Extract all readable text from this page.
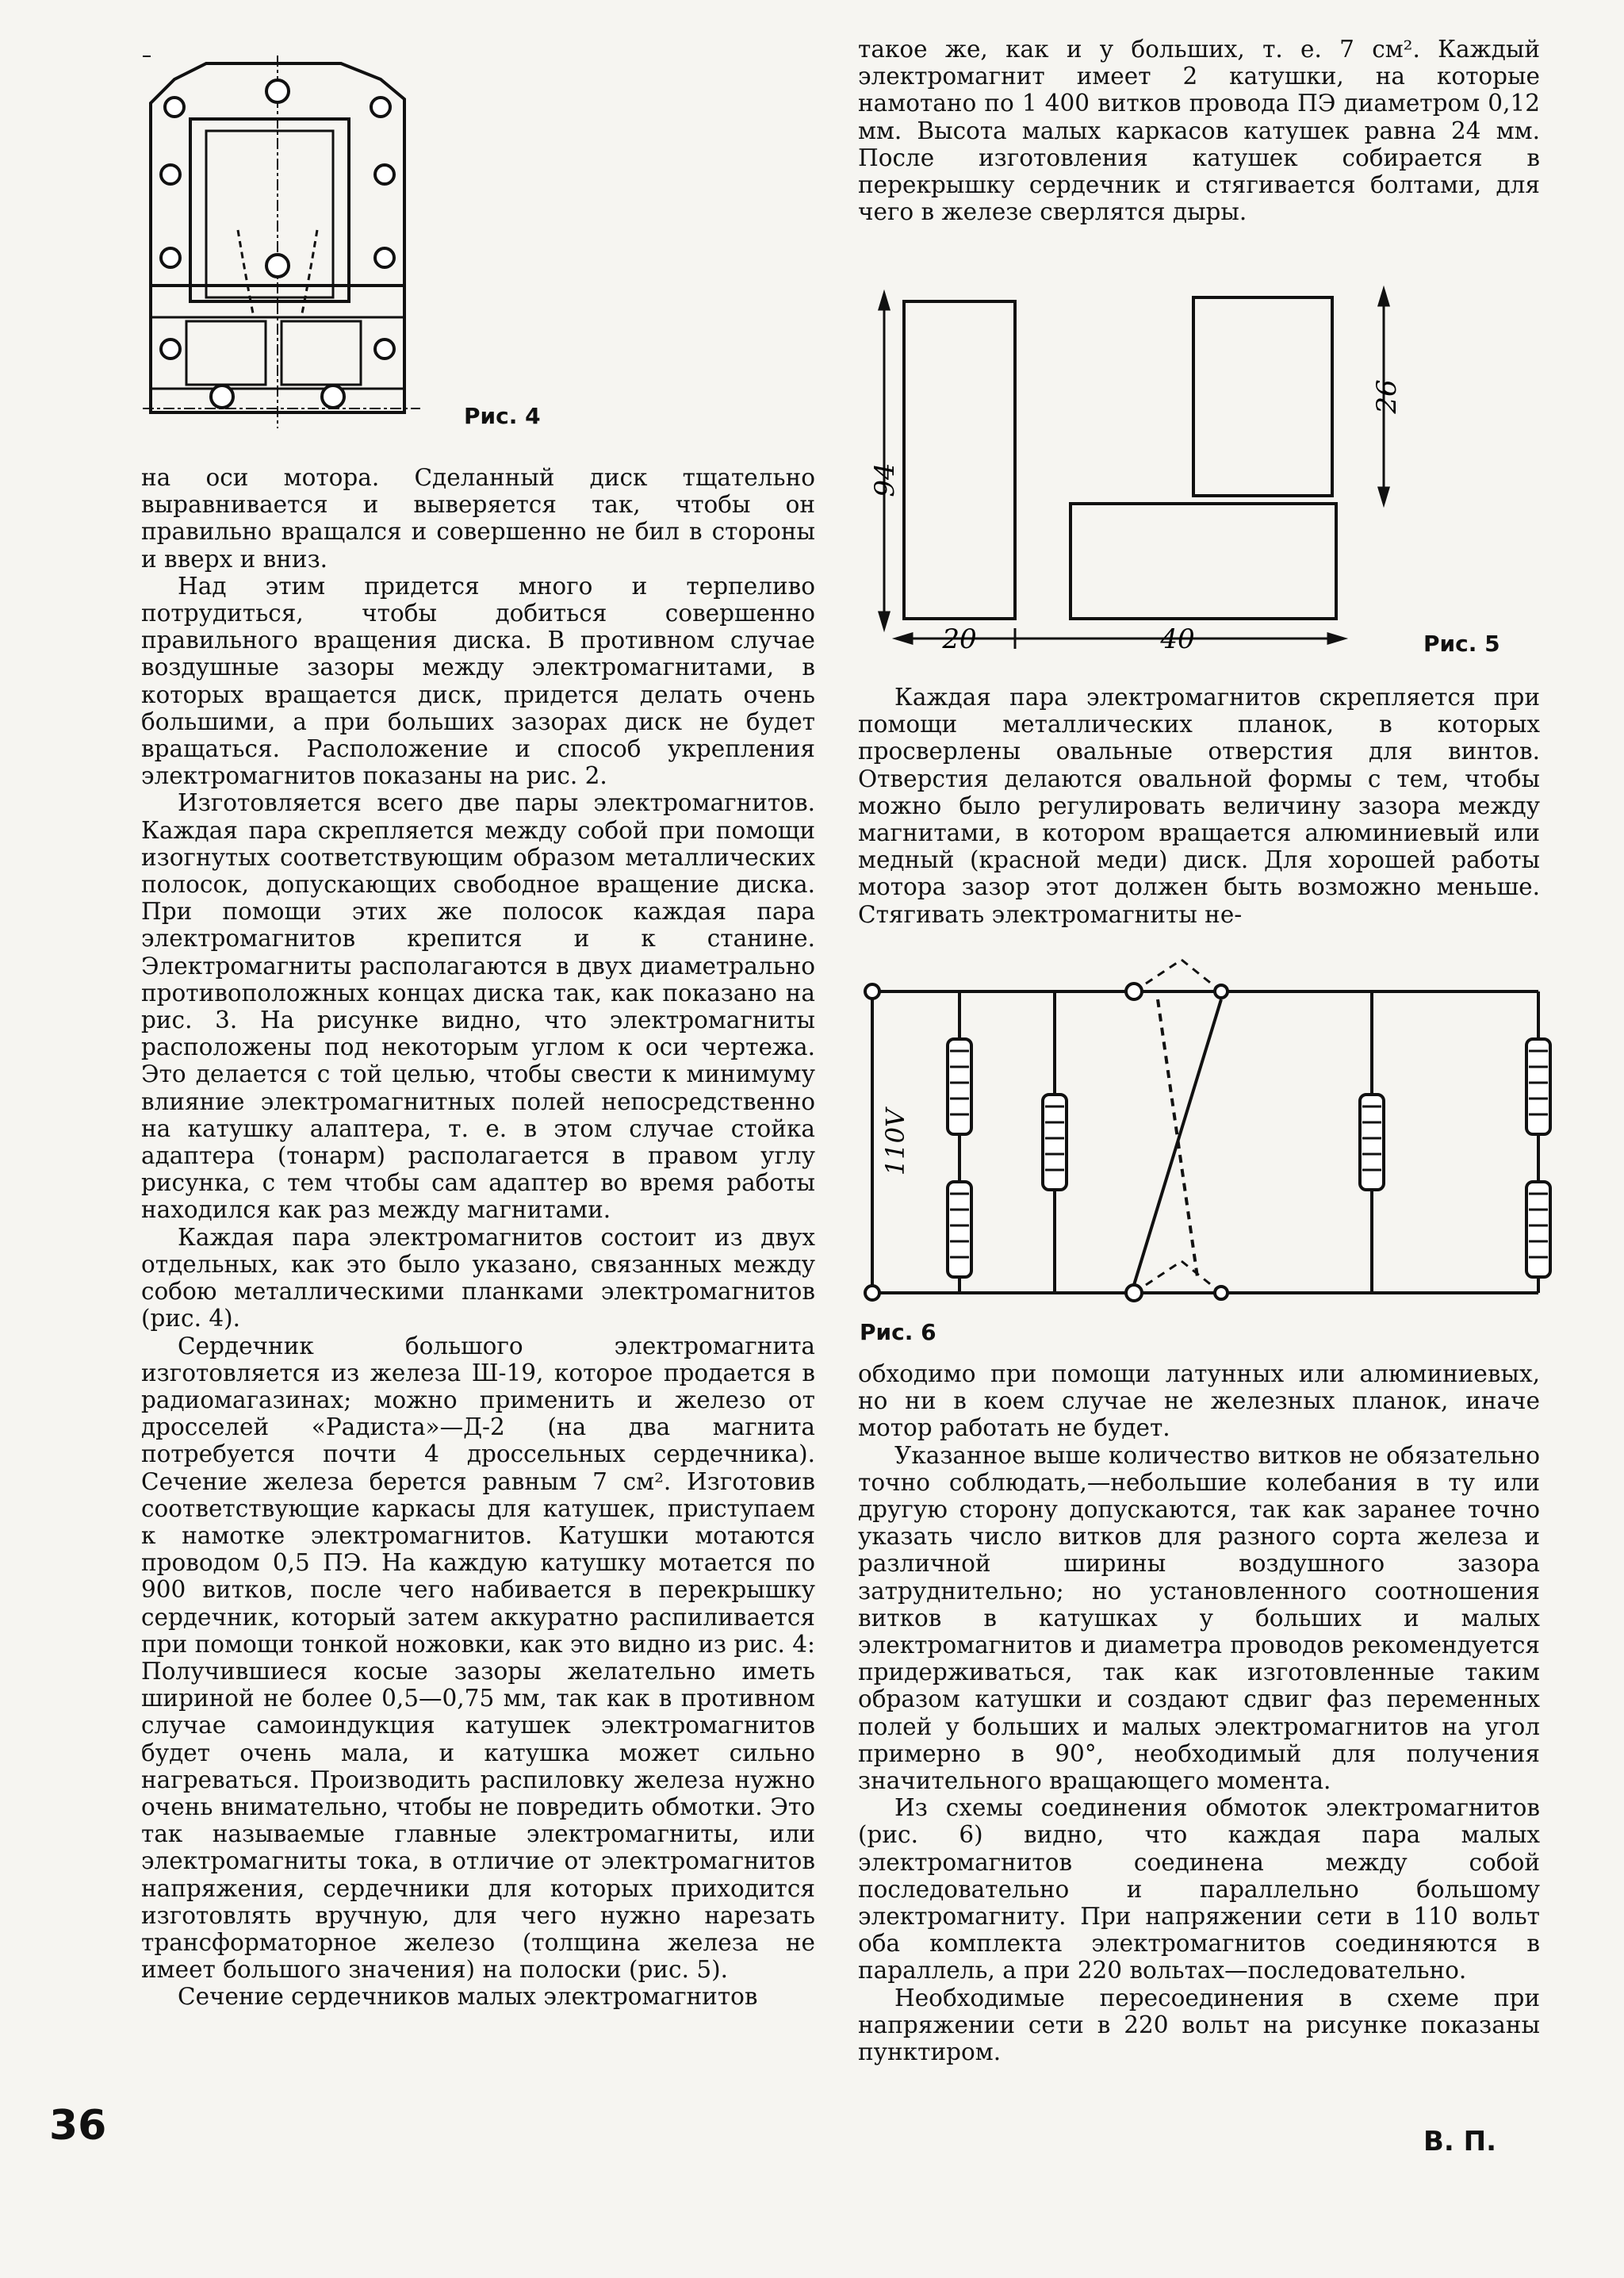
Рис. 4
94
26
20	40	Рис. 5
110V
Рис. 6

на оси мотора. Сделанный диск тщательно выравнивается и выверяется так, чтобы он правильно вращался и совершенно не бил в стороны и вверх и вниз.

Над этим придется много и терпеливо потрудиться, чтобы добиться совершенно правильного вращения диска. В противном случае воздушные зазоры между электромагнитами, в которых вращается диск, придется делать очень большими, а при больших зазорах диск не будет вращаться. Расположение и способ укрепления электромагнитов показаны на рис. 2.

Изготовляется всего две пары электромагнитов. Каждая пара скрепляется между собой при помощи изогнутых соответствующим образом металлических полосок, допускающих свободное вращение диска. При помощи этих же полосок каждая пара электромагнитов крепится и к станине. Электромагниты располагаются в двух диаметрально противоположных концах диска так, как показано на рис. 3. На рисунке видно, что электромагниты расположены под некоторым углом к оси чертежа. Это делается с той целью, чтобы свести к минимуму влияние электромагнитных полей непосредственно на катушку алаптера, т. е. в этом случае стойка адаптера (тонарм) располагается в правом углу рисунка, с тем чтобы сам адаптер во время работы находился как раз между магнитами.

Каждая пара электромагнитов состоит из двух отдельных, как это было указано, связанных между собою металлическими планками электромагнитов (рис. 4).

Сердечник большого электромагнита изготовляется из железа Ш-19, которое продается в радиомагазинах; можно применить и железо от дросселей «Радиста»—Д-2 (на два магнита потребуется почти 4 дроссельных сердечника). Сечение железа берется равным 7 см². Изготовив соответствующие каркасы для катушек, приступаем к намотке электромагнитов. Катушки мотаются проводом 0,5 ПЭ. На каждую катушку мотается по 900 витков, после чего набивается в перекрышку сердечник, который затем аккуратно распиливается при помощи тонкой ножовки, как это видно из рис. 4: Получившиеся косые зазоры желательно иметь шириной не более 0,5—0,75 мм, так как в противном случае самоиндукция катушек электромагнитов будет очень мала, и катушка может сильно нагреваться. Производить распиловку железа нужно очень внимательно, чтобы не повредить обмотки. Это так называемые главные электромагниты, или электромагниты тока, в отличие от электромагнитов напряжения, сердечники для которых приходится изготовлять вручную, для чего нужно нарезать трансформаторное железо (толщина железа не имеет большого значения) на полоски (рис. 5).

Сечение сердечников малых электромагнитов

такое же, как и у больших, т. е. 7 см². Каждый электромагнит имеет 2 катушки, на которые намотано по 1 400 витков провода ПЭ диаметром 0,12 мм. Высота малых каркасов катушек равна 24 мм. После изготовления катушек собирается в перекрышку сердечник и стягивается болтами, для чего в железе сверлятся дыры.

Каждая пара электромагнитов скрепляется при помощи металлических планок, в которых просверлены овальные отверстия для винтов. Отверстия делаются овальной формы с тем, чтобы можно было регулировать величину зазора между магнитами, в котором вращается алюминиевый или медный (красной меди) диск. Для хорошей работы мотора зазор этот должен быть возможно меньше. Стягивать электромагниты не-

обходимо при помощи латунных или алюминиевых, но ни в коем случае не железных планок, иначе мотор работать не будет.

Указанное выше количество витков не обязательно точно соблюдать,—небольшие колебания в ту или другую сторону допускаются, так как заранее точно указать число витков для разного сорта железа и различной ширины воздушного зазора затруднительно; но установленного соотношения витков в катушках у больших и малых электромагнитов и диаметра проводов рекомендуется придерживаться, так как изготовленные таким образом катушки и создают сдвиг фаз переменных полей у больших и малых электромагнитов на угол примерно в 90°, необходимый для получения значительного вращающего момента.

Из схемы соединения обмоток электромагнитов (рис. 6) видно, что каждая пара малых электромагнитов соединена между собой последовательно и параллельно большому электромагниту. При напряжении сети в 110 вольт оба комплекта электромагнитов соединяются в параллель, а при 220 вольтах—последовательно.

Необходимые пересоединения в схеме при напряжении сети в 220 вольт на рисунке показаны пунктиром.

36	В. П.
